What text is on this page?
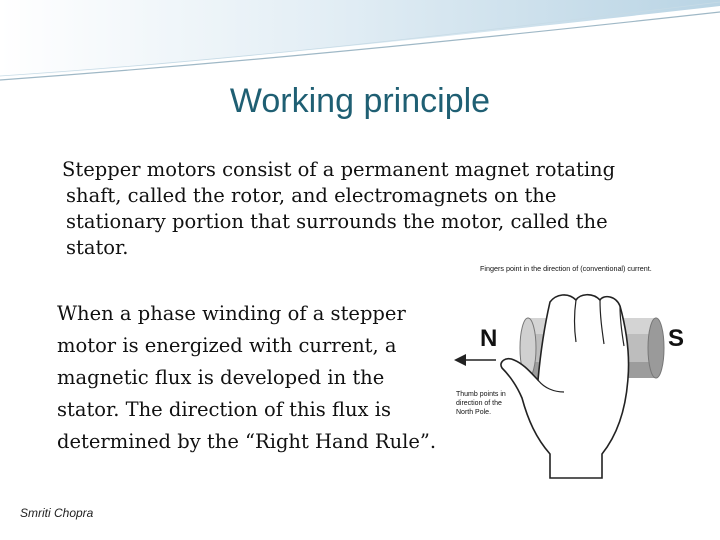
Working principle
Stepper motors consist of a permanent magnet rotating
shaft, called the rotor, and electromagnets on the stationary portion that surrounds the motor, called the stator.
When a phase winding of a stepper motor is energized with current, a magnetic flux is developed in the stator. The direction of this flux is determined by the “Right Hand Rule”.
Fingers point in the direction of (conventional) current.
N	S
Thumb points in
direction of the
North Pole.
Smriti Chopra
